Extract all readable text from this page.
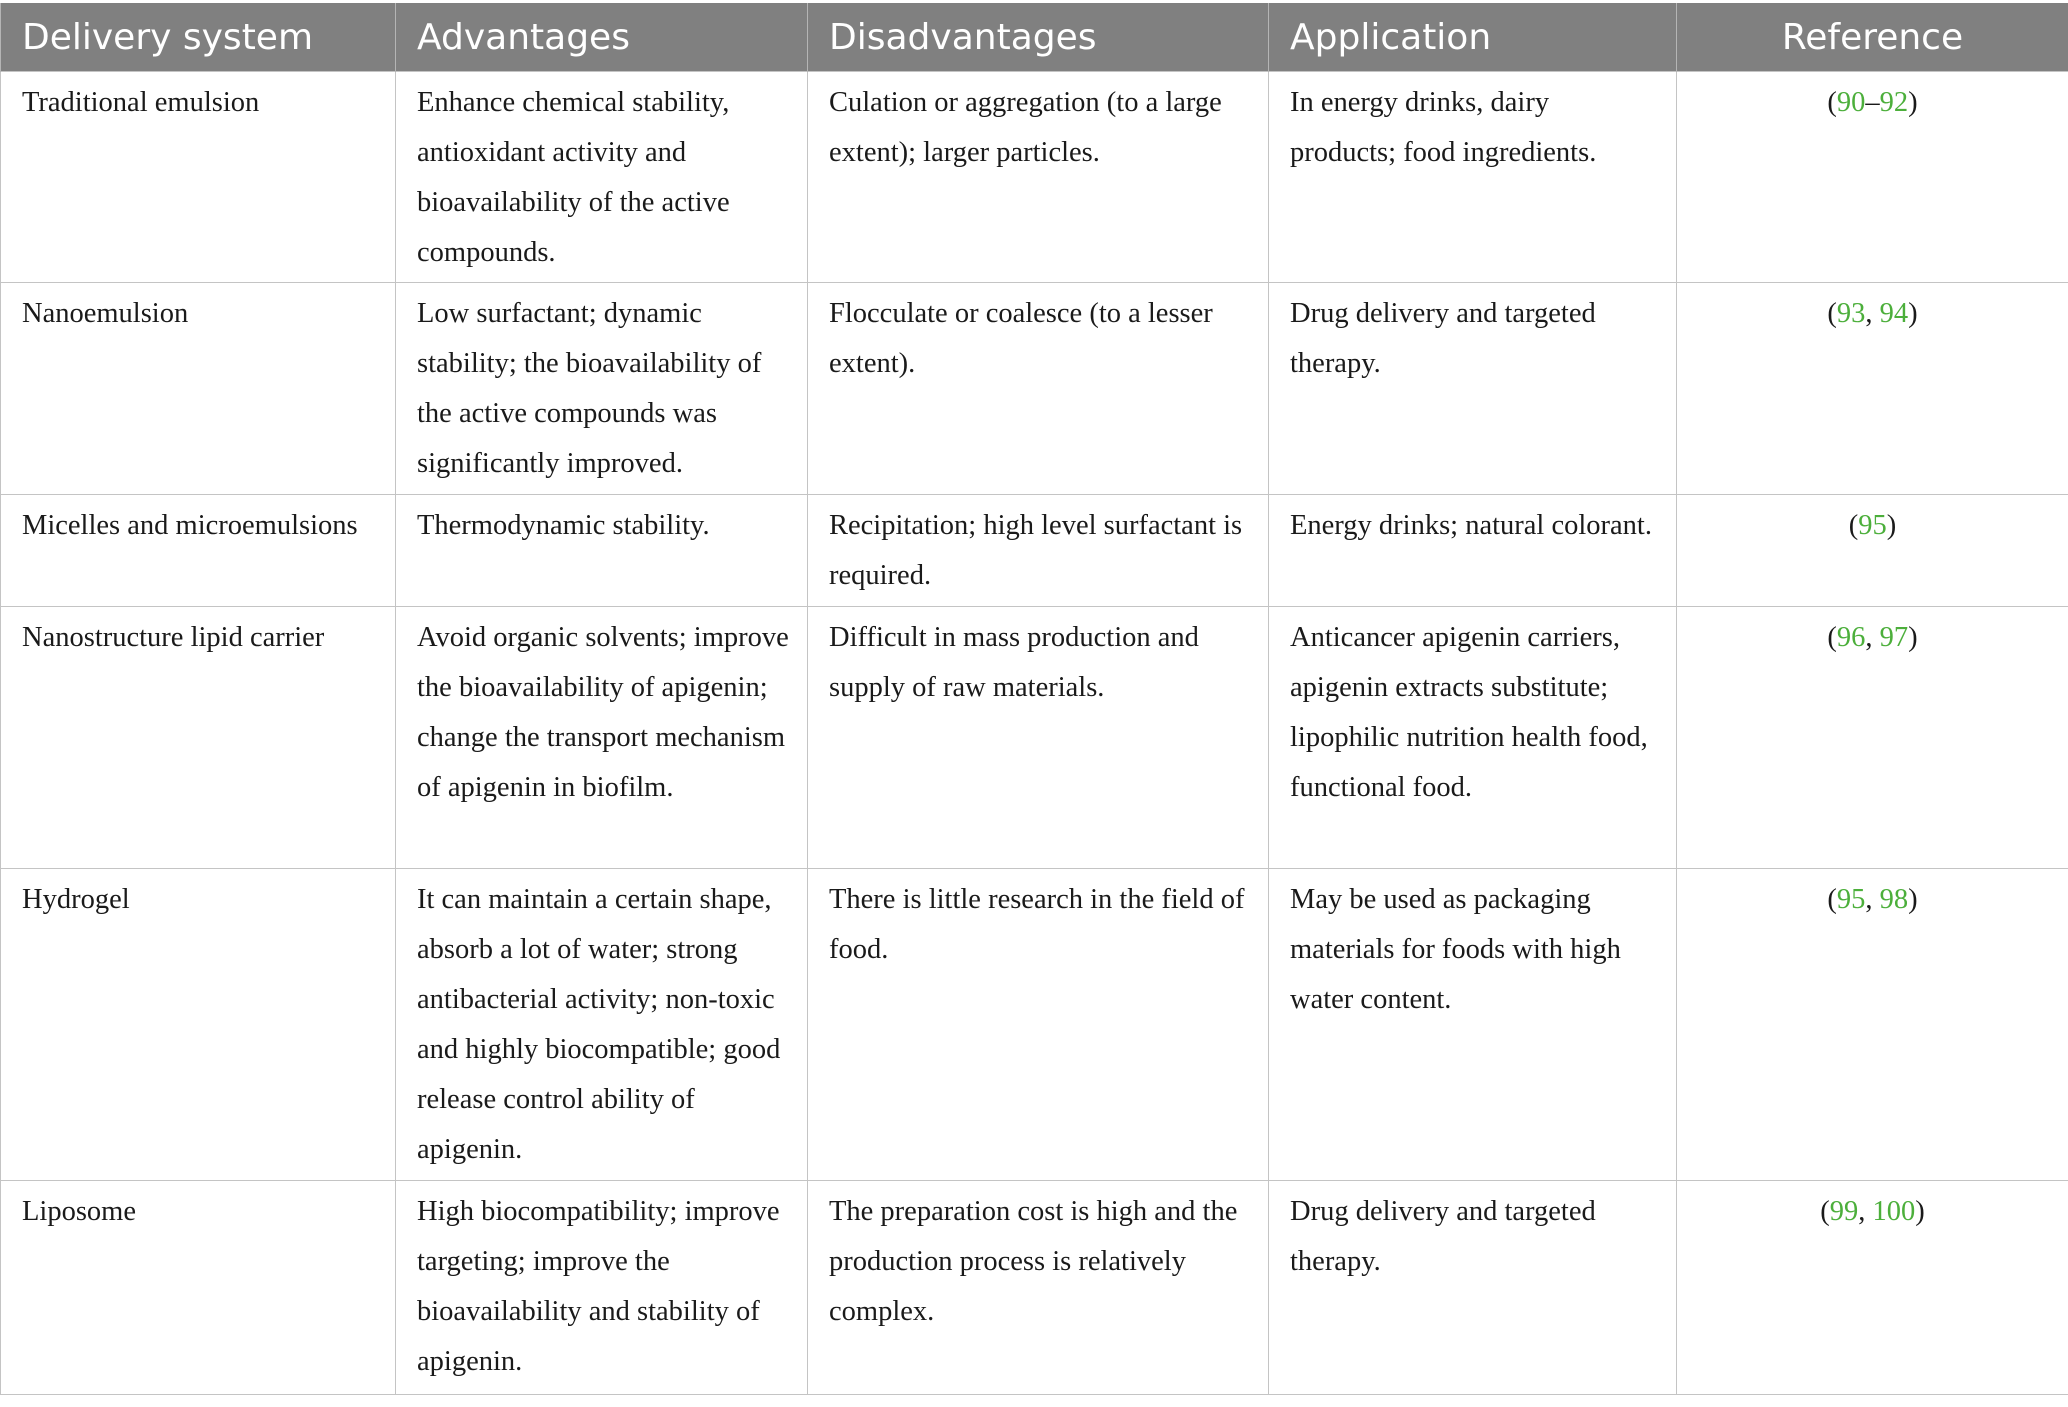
Delivery system	Advantages	Disadvantages	Application	Reference
Traditional emulsion	Enhance chemical stability, antioxidant activity and bioavailability of the active compounds.	Culation or aggregation (to a large extent); larger particles.	In energy drinks, dairy products; food ingredients.	(90–92)
Nanoemulsion	Low surfactant; dynamic stability; the bioavailability of the active compounds was significantly improved.	Flocculate or coalesce (to a lesser extent).	Drug delivery and targeted therapy.	(93, 94)
Micelles and microemulsions	Thermodynamic stability.	Recipitation; high level surfactant is required.	Energy drinks; natural colorant.	(95)
Nanostructure lipid carrier	Avoid organic solvents; improve the bioavailability of apigenin; change the transport mechanism of apigenin in biofilm.	Difficult in mass production and supply of raw materials.	Anticancer apigenin carriers, apigenin extracts substitute; lipophilic nutrition health food, functional food.	(96, 97)
Hydrogel	It can maintain a certain shape, absorb a lot of water; strong antibacterial activity; non-toxic and highly biocompatible; good release control ability of apigenin.	There is little research in the field of food.	May be used as packaging materials for foods with high water content.	(95, 98)
Liposome	High biocompatibility; improve targeting; improve the bioavailability and stability of apigenin.	The preparation cost is high and the production process is relatively complex.	Drug delivery and targeted therapy.	(99, 100)
